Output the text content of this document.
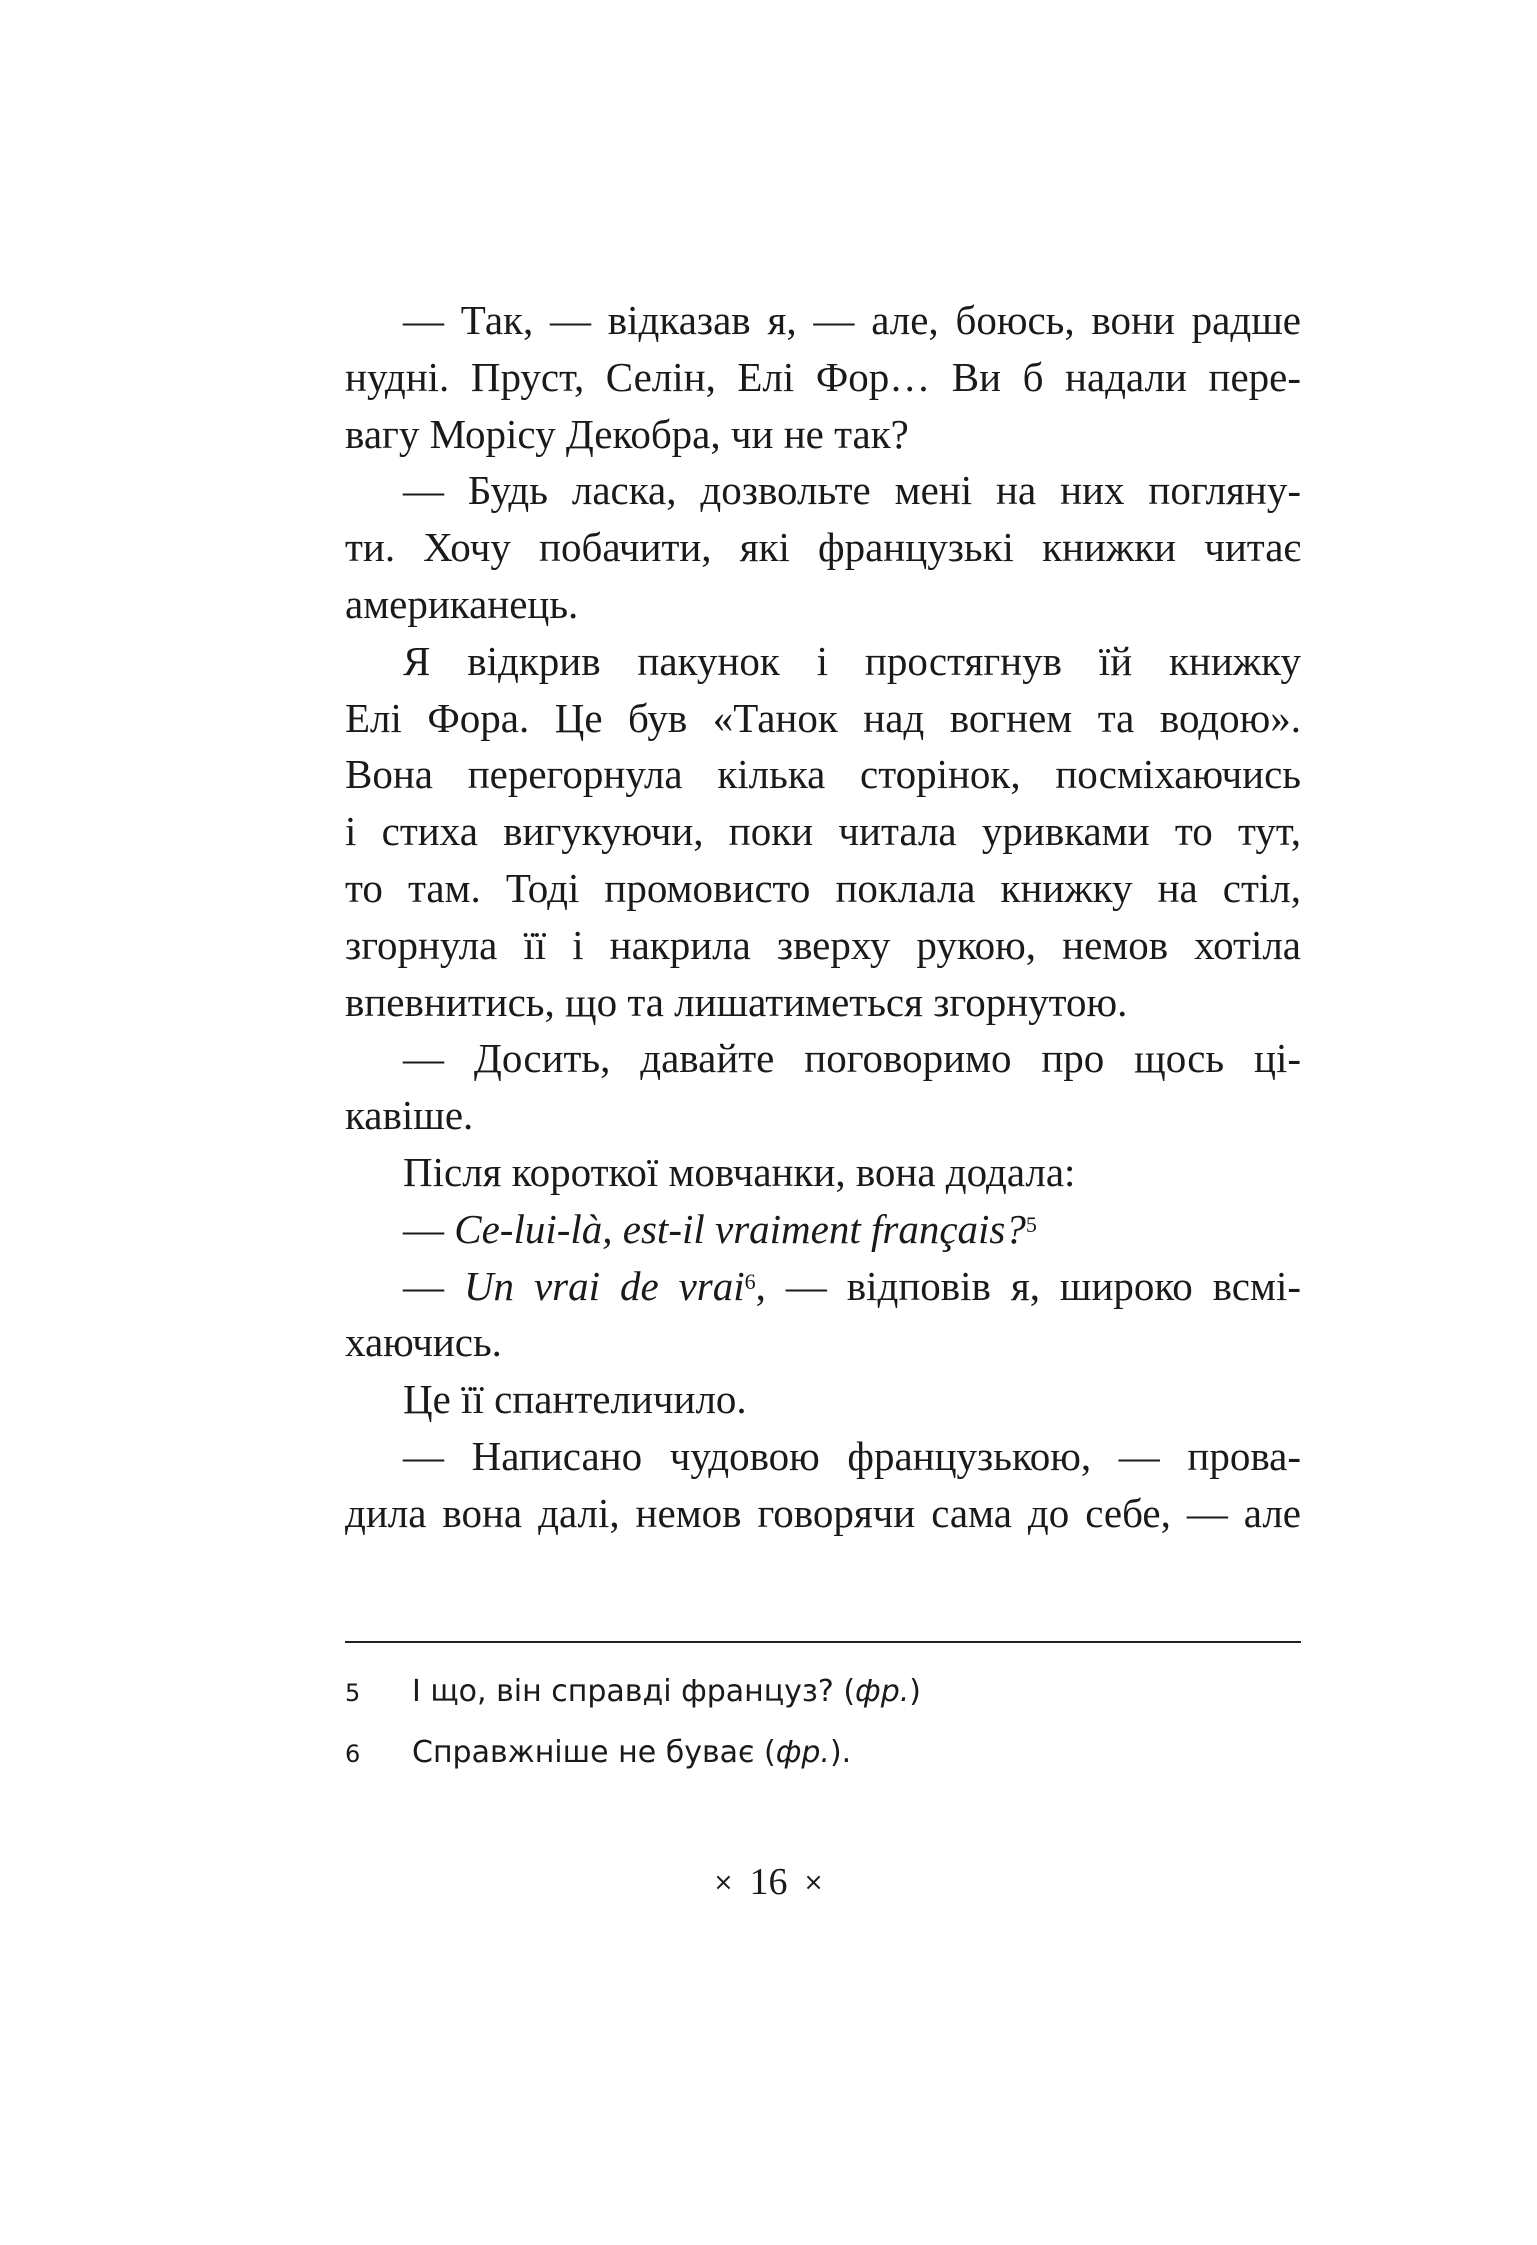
— Так, — відказав я, — але, боюсь, вони радше
нудні. Пруст, Селін, Елі Фор… Ви б надали пере-
вагу Морісу Декобра, чи не так?
— Будь ласка, дозвольте мені на них погляну-
ти. Хочу побачити, які французькі книжки читає
американець.
Я відкрив пакунок і простягнув їй книжку
Елі Фора. Це був «Танок над вогнем та водою».
Вона перегорнула кілька сторінок, посміхаючись
і стиха вигукуючи, поки читала уривками то тут,
то там. Тоді промовисто поклала книжку на стіл,
згорнула її і накрила зверху рукою, немов хотіла
впевнитись, що та лишатиметься згорнутою.
— Досить, давайте поговоримо про щось ці-
кавіше.
Після короткої мовчанки, вона додала:
— Ce-lui-là, est-il vraiment français?$^5$
— Un vrai de vrai$^6$, — відповів я, широко всмі-
хаючись.
Це її спантеличило.
— Написано чудовою французькою, — прова-
дила вона далі, немов говорячи сама до себе, — але
5	І що, він справді француз? (фр.)
6	Справжніше не буває (фр.).
× 16 ×
